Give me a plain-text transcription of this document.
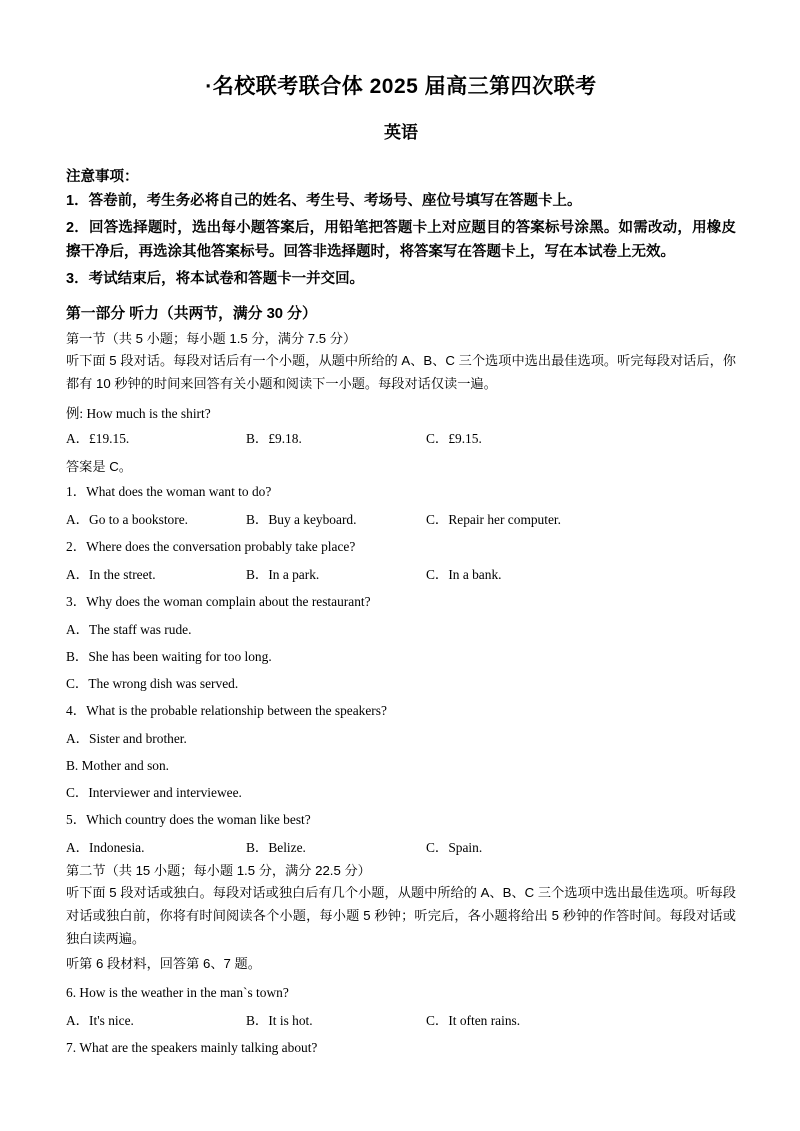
·名校联考联合体 2025 届高三第四次联考
英语
注意事项：
1．答卷前，考生务必将自己的姓名、考生号、考场号、座位号填写在答题卡上。
2．回答选择题时，选出每小题答案后，用铅笔把答题卡上对应题目的答案标号涂黑。如需改动，用橡皮擦干净后，再选涂其他答案标号。回答非选择题时，将答案写在答题卡上，写在本试卷上无效。
3．考试结束后，将本试卷和答题卡一并交回。
第一部分 听力（共两节，满分 30 分）
第一节（共 5 小题；每小题 1.5 分，满分 7.5 分）
听下面 5 段对话。每段对话后有一个小题，从题中所给的 A、B、C 三个选项中选出最佳选项。听完每段对话后，你都有 10 秒钟的时间来回答有关小题和阅读下一小题。每段对话仅读一遍。
例: How much is the shirt?
A．£19.15.	B．£9.18.	C．£9.15.
答案是 C。
1．What does the woman want to do?
A．Go to a bookstore.	B．Buy a keyboard.	C．Repair her computer.
2．Where does the conversation probably take place?
A．In the street.	B．In a park.	C．In a bank.
3．Why does the woman complain about the restaurant?
A．The staff was rude.
B．She has been waiting for too long.
C．The wrong dish was served.
4．What is the probable relationship between the speakers?
A．Sister and brother.
B. Mother and son.
C．Interviewer and interviewee.
5．Which country does the woman like best?
A．Indonesia.	B．Belize.	C．Spain.
第二节（共 15 小题；每小题 1.5 分，满分 22.5 分）
听下面 5 段对话或独白。每段对话或独白后有几个小题，从题中所给的 A、B、C 三个选项中选出最佳选项。听每段对话或独白前，你将有时间阅读各个小题，每小题 5 秒钟；听完后，各小题将给出 5 秒钟的作答时间。每段对话或独白读两遍。
听第 6 段材料，回答第 6、7 题。
6. How is the weather in the man`s town?
A．It's nice.	B．It is hot.	C．It often rains.
7. What are the speakers mainly talking about?
